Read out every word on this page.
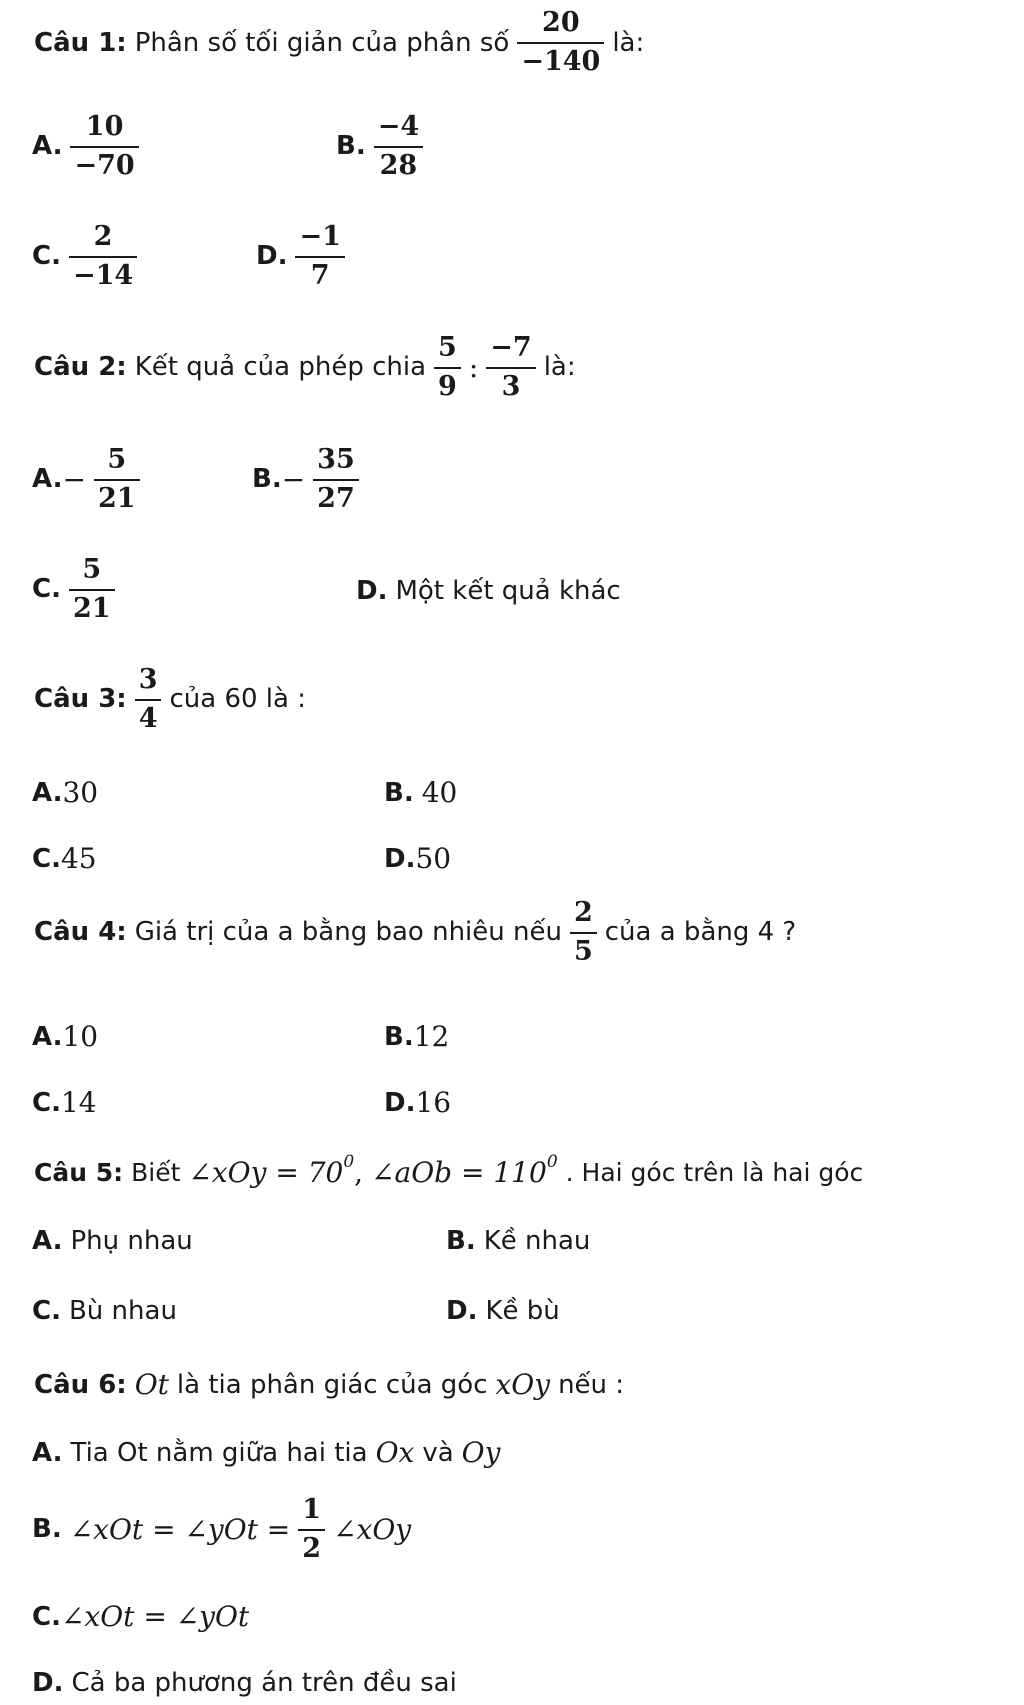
Câu 1: Phân số tối giản của phân số $\frac{20}{-140}$ là:
A. $\frac{10}{-70}$	B. $\frac{-4}{28}$
C. $\frac{2}{-14}$	D. $\frac{-1}{7}$
Câu 2: Kết quả của phép chia $\frac{5}{9}$ : $\frac{-7}{3}$ là:
A. − $\frac{5}{21}$	B. − $\frac{35}{27}$
C. $\frac{5}{21}$	D. Một kết quả khác
Câu 3: $\frac{3}{4}$ của 60 là :
A. 30	B. 40
C. 45	D. 50
Câu 4: Giá trị của a bằng bao nhiêu nếu $\frac{2}{5}$ của a bằng 4 ?
A. 10	B. 12
C. 14	D. 16
Câu 5: Biết ∠xOy = $70^0$ , ∠aOb = $110^0$ . Hai góc trên là hai góc
A. Phụ nhau	B. Kề nhau
C. Bù nhau	D. Kề bù
Câu 6: Ot là tia phân giác của góc xOy nếu :
A. Tia Ot nằm giữa hai tia Ox và Oy
B. ∠xOt = ∠yOt = $\frac{1}{2}$ ∠xOy
C. ∠xOt = ∠yOt
D. Cả ba phương án trên đều sai
